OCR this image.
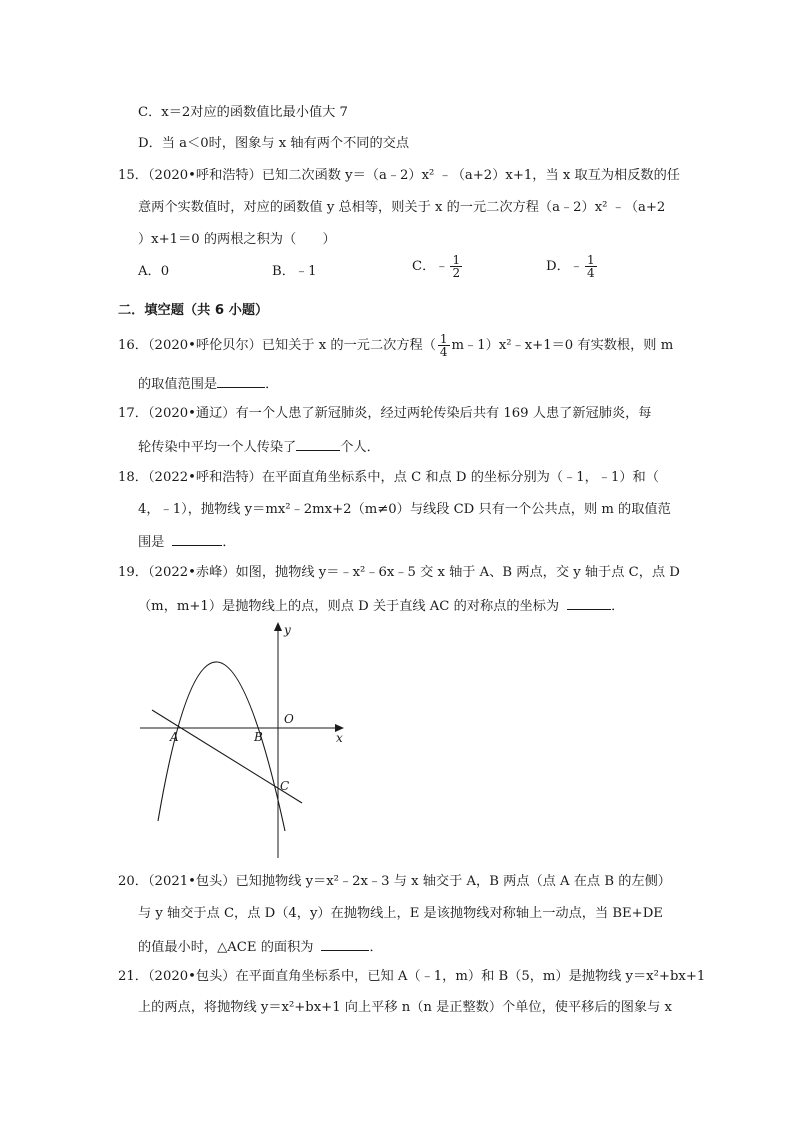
C．x＝2对应的函数值比最小值大 7
D．当 a＜0时，图象与 x 轴有两个不同的交点
15．（2020•呼和浩特）已知二次函数 y＝（a﹣2）x² ﹣（a+2）x+1，当 x 取互为相反数的任
意两个实数值时，对应的函数值 y 总相等，则关于 x 的一元二次方程（a﹣2）x² ﹣（a+2
）x+1＝0 的两根之积为（　　）
A．0	B．﹣1	C．﹣ $\frac{1}{2}$	D．﹣ $\frac{1}{4}$
二．填空题（共 6 小题）
16．（2020•呼伦贝尔）已知关于 x 的一元二次方程（ $\frac{1}{4}$ m﹣1）x²﹣x+1＝0 有实数根，则 m
的取值范围是	．
17．（2020•通辽）有一个人患了新冠肺炎，经过两轮传染后共有 169 人患了新冠肺炎，每
轮传染中平均一个人传染了	个人．
18．（2022•呼和浩特）在平面直角坐标系中，点 C 和点 D 的坐标分别为（﹣1，﹣1）和（
4，﹣1），抛物线 y＝mx²﹣2mx+2（m≠0）与线段 CD 只有一个公共点，则 m 的取值范
围是	．
19．（2022•赤峰）如图，抛物线 y＝﹣x²﹣6x﹣5 交 x 轴于 A、B 两点，交 y 轴于点 C，点 D
（m，m+1）是抛物线上的点，则点 D 关于直线 AC 的对称点的坐标为	．
y
x
O
A	B
C
20．（2021•包头）已知抛物线 y＝x²﹣2x﹣3 与 x 轴交于 A，B 两点（点 A 在点 B 的左侧）
与 y 轴交于点 C，点 D（4，y）在抛物线上，E 是该抛物线对称轴上一动点，当 BE+DE
的值最小时，△ACE 的面积为	．
21．（2020•包头）在平面直角坐标系中，已知 A（﹣1，m）和 B（5，m）是抛物线 y＝x²+bx+1
上的两点，将抛物线 y＝x²+bx+1 向上平移 n（n 是正整数）个单位，使平移后的图象与 x
